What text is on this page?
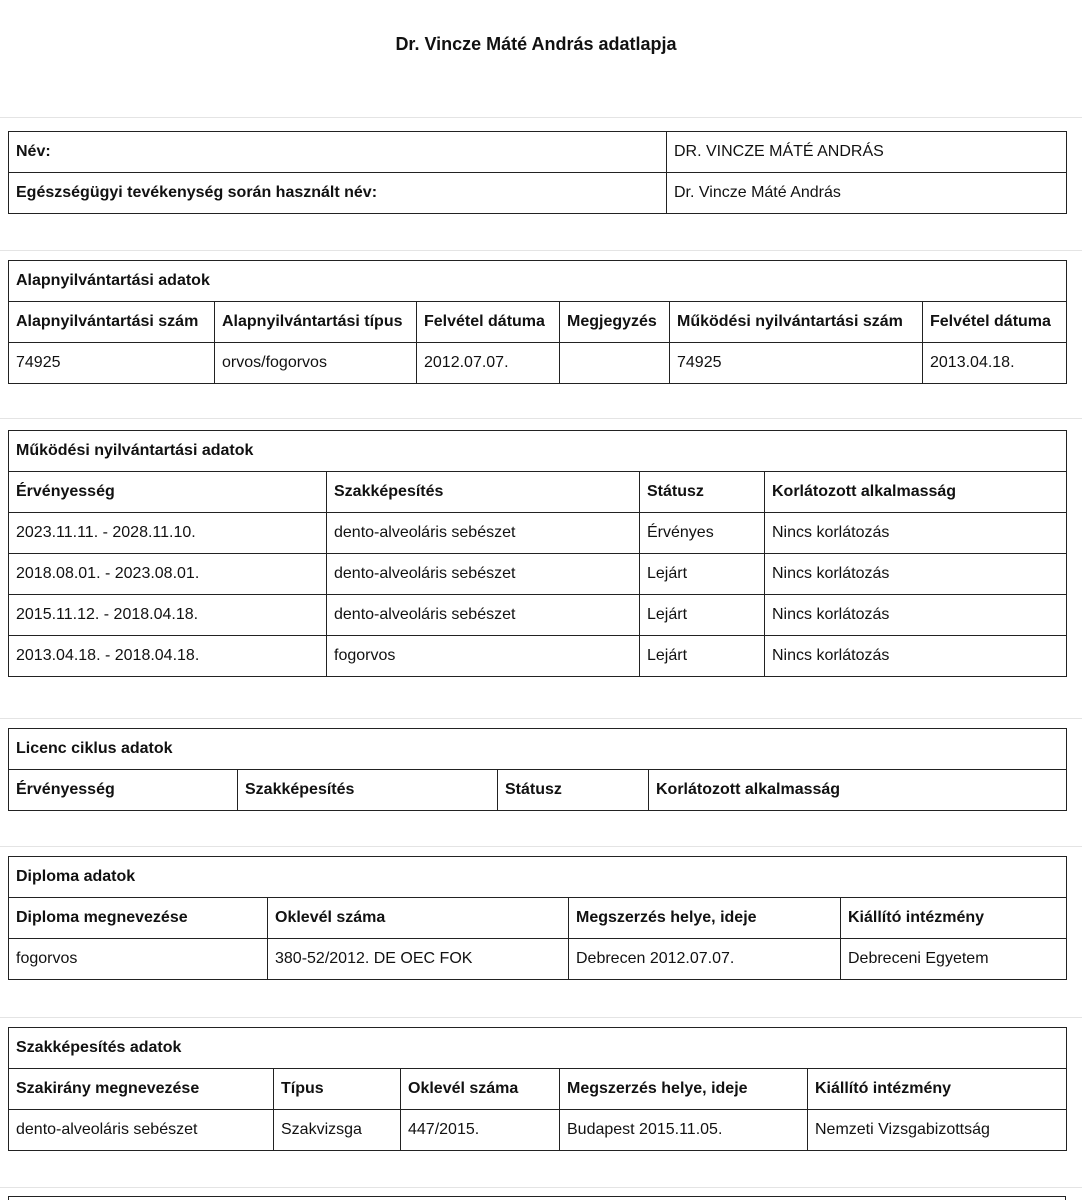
Dr. Vincze Máté András adatlapja
Név:	DR. VINCZE MÁTÉ ANDRÁS
Egészségügyi tevékenység során használt név:	Dr. Vincze Máté András
Alapnyilvántartási adatok					
Alapnyilvántartási szám	Alapnyilvántartási típus	Felvétel dátuma	Megjegyzés	Működési nyilvántartási szám	Felvétel dátuma
74925	orvos/fogorvos	2012.07.07.		74925	2013.04.18.
Működési nyilvántartási adatok			
Érvényesség	Szakképesítés	Státusz	Korlátozott alkalmasság
2023.11.11. - 2028.11.10.	dento-alveoláris sebészet	Érvényes	Nincs korlátozás
2018.08.01. - 2023.08.01.	dento-alveoláris sebészet	Lejárt	Nincs korlátozás
2015.11.12. - 2018.04.18.	dento-alveoláris sebészet	Lejárt	Nincs korlátozás
2013.04.18. - 2018.04.18.	fogorvos	Lejárt	Nincs korlátozás
Licenc ciklus adatok
Érvényesség	Szakképesítés	Státusz	Korlátozott alkalmasság
Diploma adatok			
Diploma megnevezése	Oklevél száma	Megszerzés helye, ideje	Kiállító intézmény
fogorvos	380-52/2012. DE OEC FOK	Debrecen 2012.07.07.	Debreceni Egyetem
Szakképesítés adatok				
Szakirány megnevezése	Típus	Oklevél száma	Megszerzés helye, ideje	Kiállító intézmény
dento-alveoláris sebészet	Szakvizsga	447/2015.	Budapest 2015.11.05.	Nemzeti Vizsgabizottság
